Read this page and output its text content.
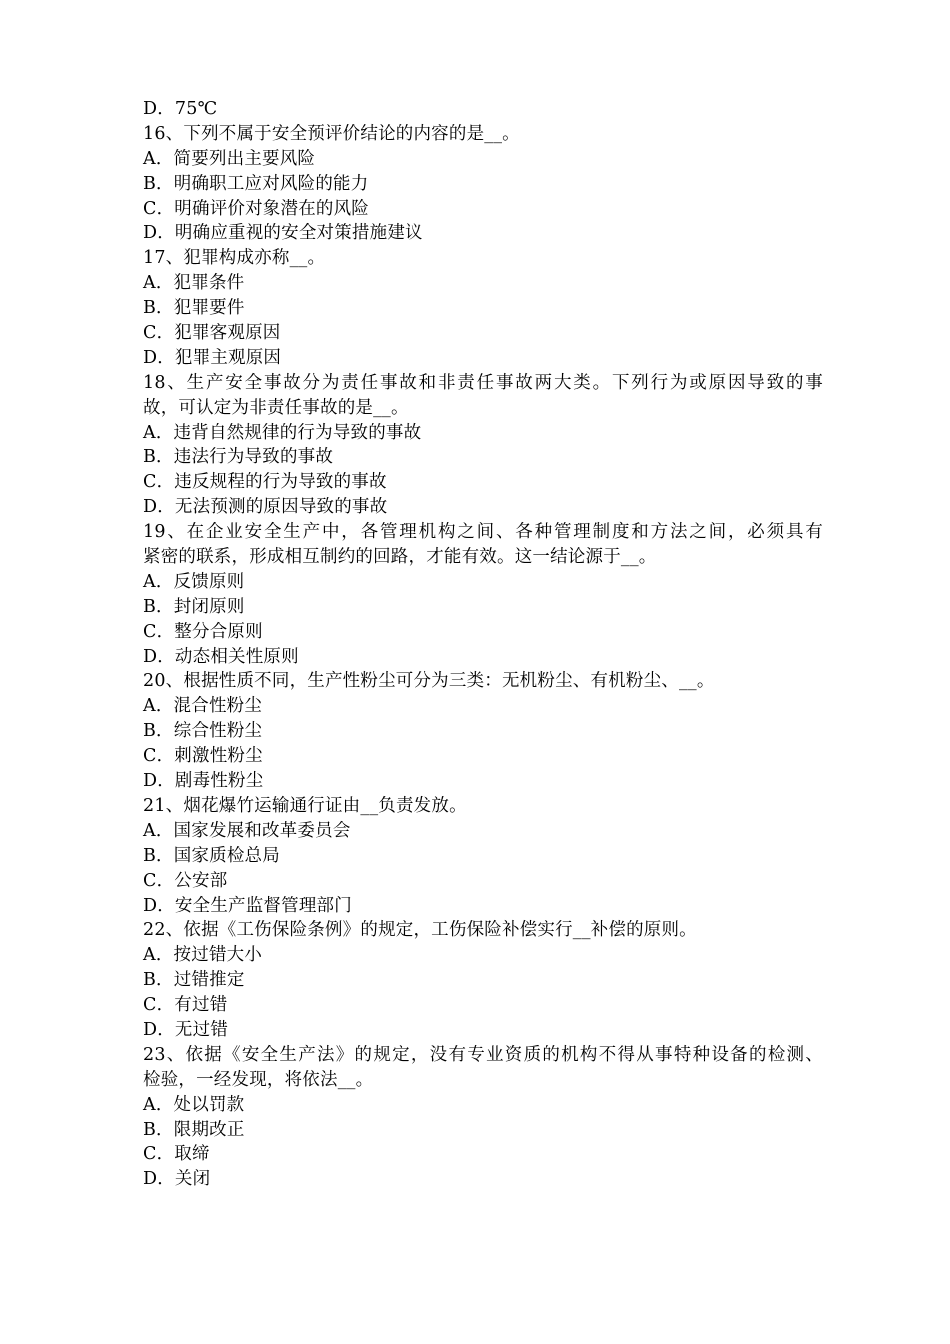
D．75℃
16、下列不属于安全预评价结论的内容的是__。
A．简要列出主要风险
B．明确职工应对风险的能力
C．明确评价对象潜在的风险
D．明确应重视的安全对策措施建议
17、犯罪构成亦称__。
A．犯罪条件
B．犯罪要件
C．犯罪客观原因
D．犯罪主观原因
18、生产安全事故分为责任事故和非责任事故两大类。下列行为或原因导致的事
故，可认定为非责任事故的是__。
A．违背自然规律的行为导致的事故
B．违法行为导致的事故
C．违反规程的行为导致的事故
D．无法预测的原因导致的事故
19、在企业安全生产中，各管理机构之间、各种管理制度和方法之间，必须具有
紧密的联系，形成相互制约的回路，才能有效。这一结论源于__。
A．反馈原则
B．封闭原则
C．整分合原则
D．动态相关性原则
20、根据性质不同，生产性粉尘可分为三类：无机粉尘、有机粉尘、__。
A．混合性粉尘
B．综合性粉尘
C．刺激性粉尘
D．剧毒性粉尘
21、烟花爆竹运输通行证由__负责发放。
A．国家发展和改革委员会
B．国家质检总局
C．公安部
D．安全生产监督管理部门
22、依据《工伤保险条例》的规定，工伤保险补偿实行__补偿的原则。
A．按过错大小
B．过错推定
C．有过错
D．无过错
23、依据《安全生产法》的规定，没有专业资质的机构不得从事特种设备的检测、
检验，一经发现，将依法__。
A．处以罚款
B．限期改正
C．取缔
D．关闭
